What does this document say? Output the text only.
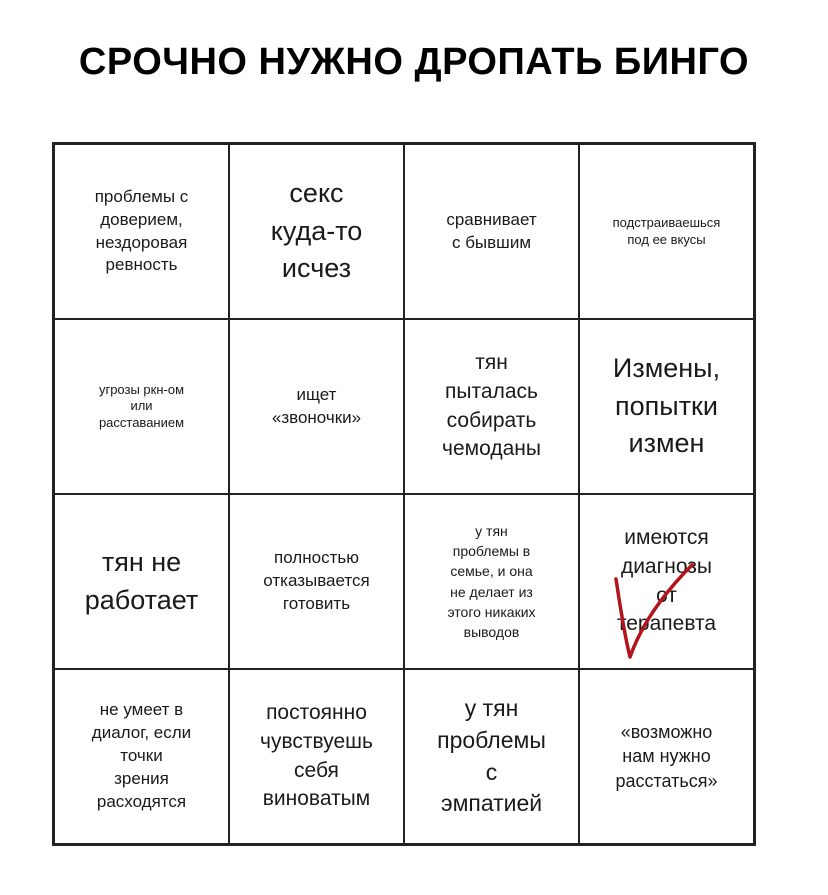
СРОЧНО НУЖНО ДРОПАТЬ БИНГО
проблемы с
доверием,
нездоровая
ревность
секс
куда-то
исчез
сравнивает
с бывшим
подстраиваешься
под ее вкусы
угрозы ркн-ом
или
расставанием
ищет
«звоночки»
тян
пыталась
собирать
чемоданы
Измены,
попытки
измен
тян не
работает
полностью
отказывается
готовить
у тян
проблемы в
семье, и она
не делает из
этого никаких
выводов
имеются
диагнозы
от
терапевта
не умеет в
диалог, если
точки
зрения
расходятся
постоянно
чувствуешь
себя
виноватым
у тян
проблемы
с
эмпатией
«возможно
нам нужно
расстаться»
